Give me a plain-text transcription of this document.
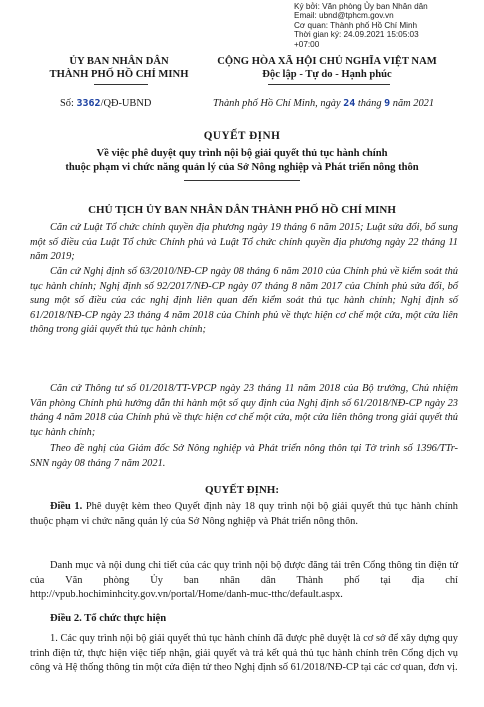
Ký bởi: Văn phòng Ủy ban Nhân dân
Email: ubnd@tphcm.gov.vn
Cơ quan: Thành phố Hồ Chí Minh
Thời gian ký: 24.09.2021 15:05:03
+07:00
ỦY BAN NHÂN DÂN
THÀNH PHỐ HỒ CHÍ MINH
CỘNG HÒA XÃ HỘI CHỦ NGHĨA VIỆT NAM
Độc lập - Tự do - Hạnh phúc
Số: 3362/QĐ-UBND	Thành phố Hồ Chí Minh, ngày 24 tháng 9 năm 2021
QUYẾT ĐỊNH
Về việc phê duyệt quy trình nội bộ giải quyết thủ tục hành chính
thuộc phạm vi chức năng quản lý của Sở Nông nghiệp và Phát triển nông thôn
CHỦ TỊCH ỦY BAN NHÂN DÂN THÀNH PHỐ HỒ CHÍ MINH

Căn cứ Luật Tổ chức chính quyền địa phương ngày 19 tháng 6 năm 2015; Luật sửa đổi, bổ sung một số điều của Luật Tổ chức Chính phủ và Luật Tổ chức chính quyền địa phương ngày 22 tháng 11 năm 2019;

Căn cứ Nghị định số 63/2010/NĐ-CP ngày 08 tháng 6 năm 2010 của Chính phủ về kiểm soát thủ tục hành chính; Nghị định số 92/2017/NĐ-CP ngày 07 tháng 8 năm 2017 của Chính phủ sửa đổi, bổ sung một số điều của các nghị định liên quan đến kiểm soát thủ tục hành chính; Nghị định số 61/2018/NĐ-CP ngày 23 tháng 4 năm 2018 của Chính phủ về thực hiện cơ chế một cửa, một cửa liên thông trong giải quyết thủ tục hành chính;

Căn cứ Thông tư số 01/2018/TT-VPCP ngày 23 tháng 11 năm 2018 của Bộ trưởng, Chủ nhiệm Văn phòng Chính phủ hướng dẫn thi hành một số quy định của Nghị định số 61/2018/NĐ-CP ngày 23 tháng 4 năm 2018 của Chính phủ về thực hiện cơ chế một cửa, một cửa liên thông trong giải quyết thủ tục hành chính;

Theo đề nghị của Giám đốc Sở Nông nghiệp và Phát triển nông thôn tại Tờ trình số 1396/TTr-SNN ngày 08 tháng 7 năm 2021.

QUYẾT ĐỊNH:

Điều 1. Phê duyệt kèm theo Quyết định này 18 quy trình nội bộ giải quyết thủ tục hành chính thuộc phạm vi chức năng quản lý của Sở Nông nghiệp và Phát triển nông thôn.

Danh mục và nội dung chi tiết của các quy trình nội bộ được đăng tải trên Cổng thông tin điện tử của Văn phòng Ủy ban nhân dân Thành phố tại địa chỉ http://vpub.hochiminhcity.gov.vn/portal/Home/danh-muc-tthc/default.aspx.

Điều 2. Tổ chức thực hiện

1. Các quy trình nội bộ giải quyết thủ tục hành chính đã được phê duyệt là cơ sở để xây dựng quy trình điện tử, thực hiện việc tiếp nhận, giải quyết và trả kết quả thủ tục hành chính trên Cổng dịch vụ công và Hệ thống thông tin một cửa điện tử theo Nghị định số 61/2018/NĐ-CP tại các cơ quan, đơn vị.
